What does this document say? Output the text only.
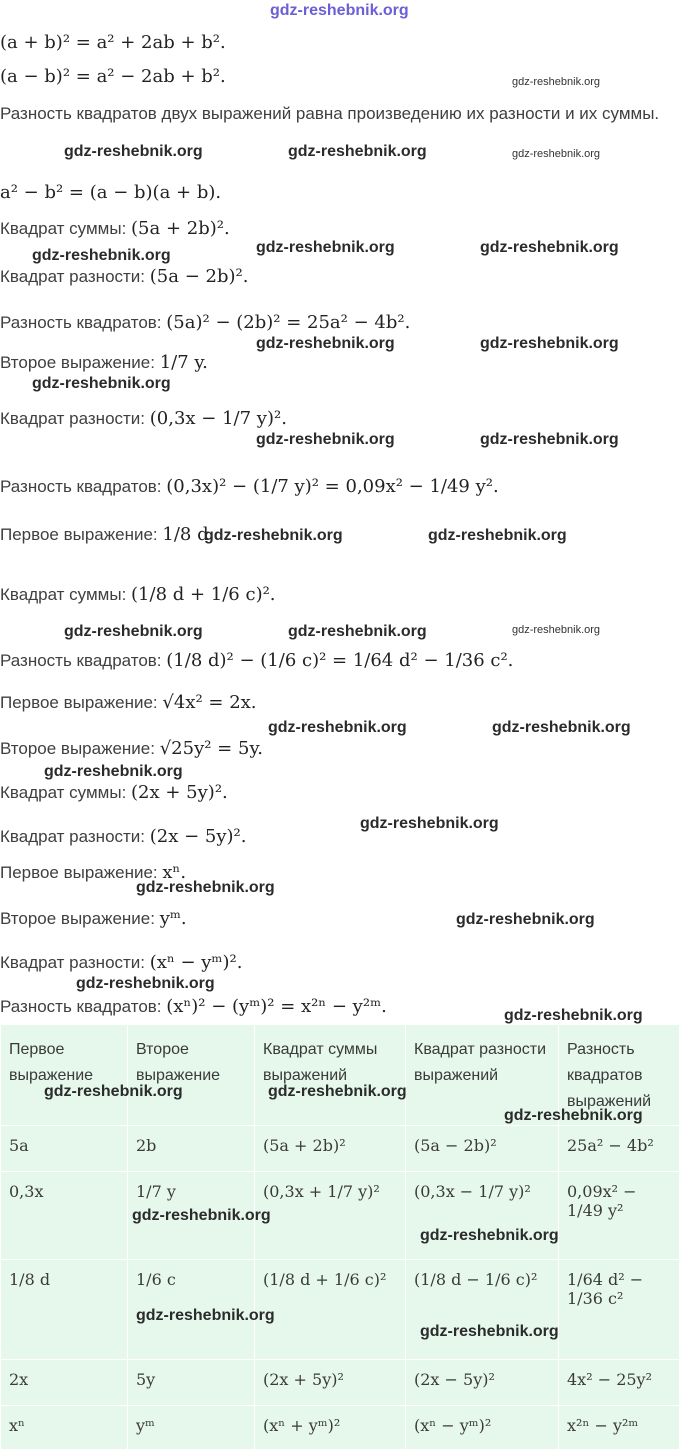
gdz-reshebnik.org
(a + b)² = a² + 2ab + b².
(a − b)² = a² − 2ab + b².
Разность квадратов двух выражений равна произведению их разности и их суммы.
a² − b² = (a − b)(a + b).
Квадрат суммы: (5a + 2b)².
Квадрат разности: (5a − 2b)².
Разность квадратов: (5a)² − (2b)² = 25a² − 4b².
Второе выражение: 1/7 y.
Квадрат разности: (0,3x − 1/7 y)².
Разность квадратов: (0,3x)² − (1/7 y)² = 0,09x² − 1/49 y².
Первое выражение: 1/8 d.
Квадрат суммы: (1/8 d + 1/6 c)².
Разность квадратов: (1/8 d)² − (1/6 c)² = 1/64 d² − 1/36 c².
Первое выражение: √4x² = 2x.
Второе выражение: √25y² = 5y.
Квадрат суммы: (2x + 5y)².
Квадрат разности: (2x − 5y)².
Первое выражение: xⁿ.
Второе выражение: yᵐ.
Квадрат разности: (xⁿ − yᵐ)².
Разность квадратов: (xⁿ)² − (yᵐ)² = x²ⁿ − y²ᵐ.
Первое выражение	Второе выражение	Квадрат суммы выражений	Квадрат разности выражений	Разность квадратов выражений
5a	2b	(5a + 2b)²	(5a − 2b)²	25a² − 4b²
0,3x	1/7 y	(0,3x + 1/7 y)²	(0,3x − 1/7 y)²	0,09x² − 1/49 y²
1/8 d	1/6 c	(1/8 d + 1/6 c)²	(1/8 d − 1/6 c)²	1/64 d² − 1/36 c²
2x	5y	(2x + 5y)²	(2x − 5y)²	4x² − 25y²
xⁿ	yᵐ	(xⁿ + yᵐ)²	(xⁿ − yᵐ)²	x²ⁿ − y²ᵐ
gdz-reshebnik.org
gdz-reshebnik.org	gdz-reshebnik.org	gdz-reshebnik.org
gdz-reshebnik.org	gdz-reshebnik.org
gdz-reshebnik.org
gdz-reshebnik.org	gdz-reshebnik.org
gdz-reshebnik.org
gdz-reshebnik.org	gdz-reshebnik.org
gdz-reshebnik.org	gdz-reshebnik.org
gdz-reshebnik.org	gdz-reshebnik.org	gdz-reshebnik.org
gdz-reshebnik.org	gdz-reshebnik.org
gdz-reshebnik.org
gdz-reshebnik.org
gdz-reshebnik.org
gdz-reshebnik.org
gdz-reshebnik.org
gdz-reshebnik.org
gdz-reshebnik.org	gdz-reshebnik.org
gdz-reshebnik.org
gdz-reshebnik.org
gdz-reshebnik.org
gdz-reshebnik.org
gdz-reshebnik.org
